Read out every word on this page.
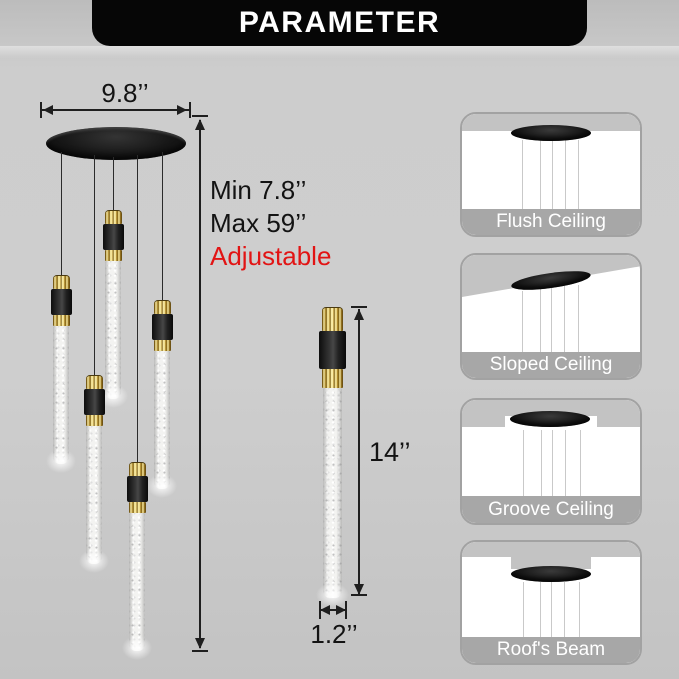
PARAMETER
9.8’’
Min 7.8’’
Max 59’’
Adjustable
14’’
1.2’’
Flush Ceiling
Sloped Ceiling
Groove Ceiling
Roof's Beam
